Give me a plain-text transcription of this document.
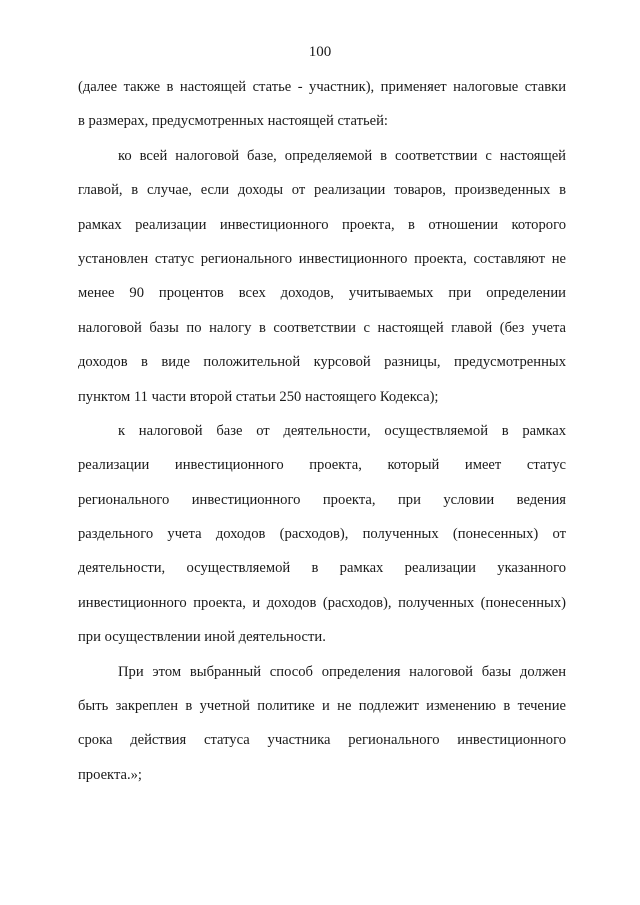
100
(далее также в настоящей статье - участник), применяет налоговые ставки
в размерах, предусмотренных настоящей статьей:
ко всей налоговой базе, определяемой в соответствии с настоящей
главой, в случае, если доходы от реализации товаров, произведенных в
рамках реализации инвестиционного проекта, в отношении которого
установлен статус регионального инвестиционного проекта, составляют не
менее 90 процентов всех доходов, учитываемых при определении
налоговой базы по налогу в соответствии с настоящей главой (без учета
доходов в виде положительной курсовой разницы, предусмотренных
пунктом 11 части второй статьи 250 настоящего Кодекса);
к налоговой базе от деятельности, осуществляемой в рамках
реализации инвестиционного проекта, который имеет статус
регионального инвестиционного проекта, при условии ведения
раздельного учета доходов (расходов), полученных (понесенных) от
деятельности, осуществляемой в рамках реализации указанного
инвестиционного проекта, и доходов (расходов), полученных (понесенных)
при осуществлении иной деятельности.
При этом выбранный способ определения налоговой базы должен
быть закреплен в учетной политике и не подлежит изменению в течение
срока действия статуса участника регионального инвестиционного
проекта.»;
